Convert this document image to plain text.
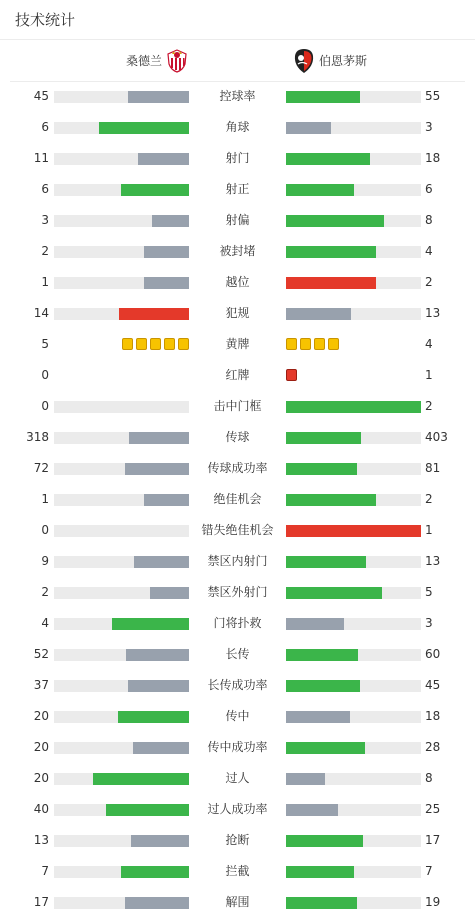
技术统计
桑德兰	伯恩茅斯
45	控球率	55
6	角球	3
11	射门	18
6	射正	6
3	射偏	8
2	被封堵	4
1	越位	2
14	犯规	13
5	黄牌	4
0	红牌	1
0	击中门框	2
318	传球	403
72	传球成功率	81
1	绝佳机会	2
0	错失绝佳机会	1
9	禁区内射门	13
2	禁区外射门	5
4	门将扑救	3
52	长传	60
37	长传成功率	45
20	传中	18
20	传中成功率	28
20	过人	8
40	过人成功率	25
13	抢断	17
7	拦截	7
17	解围	19
